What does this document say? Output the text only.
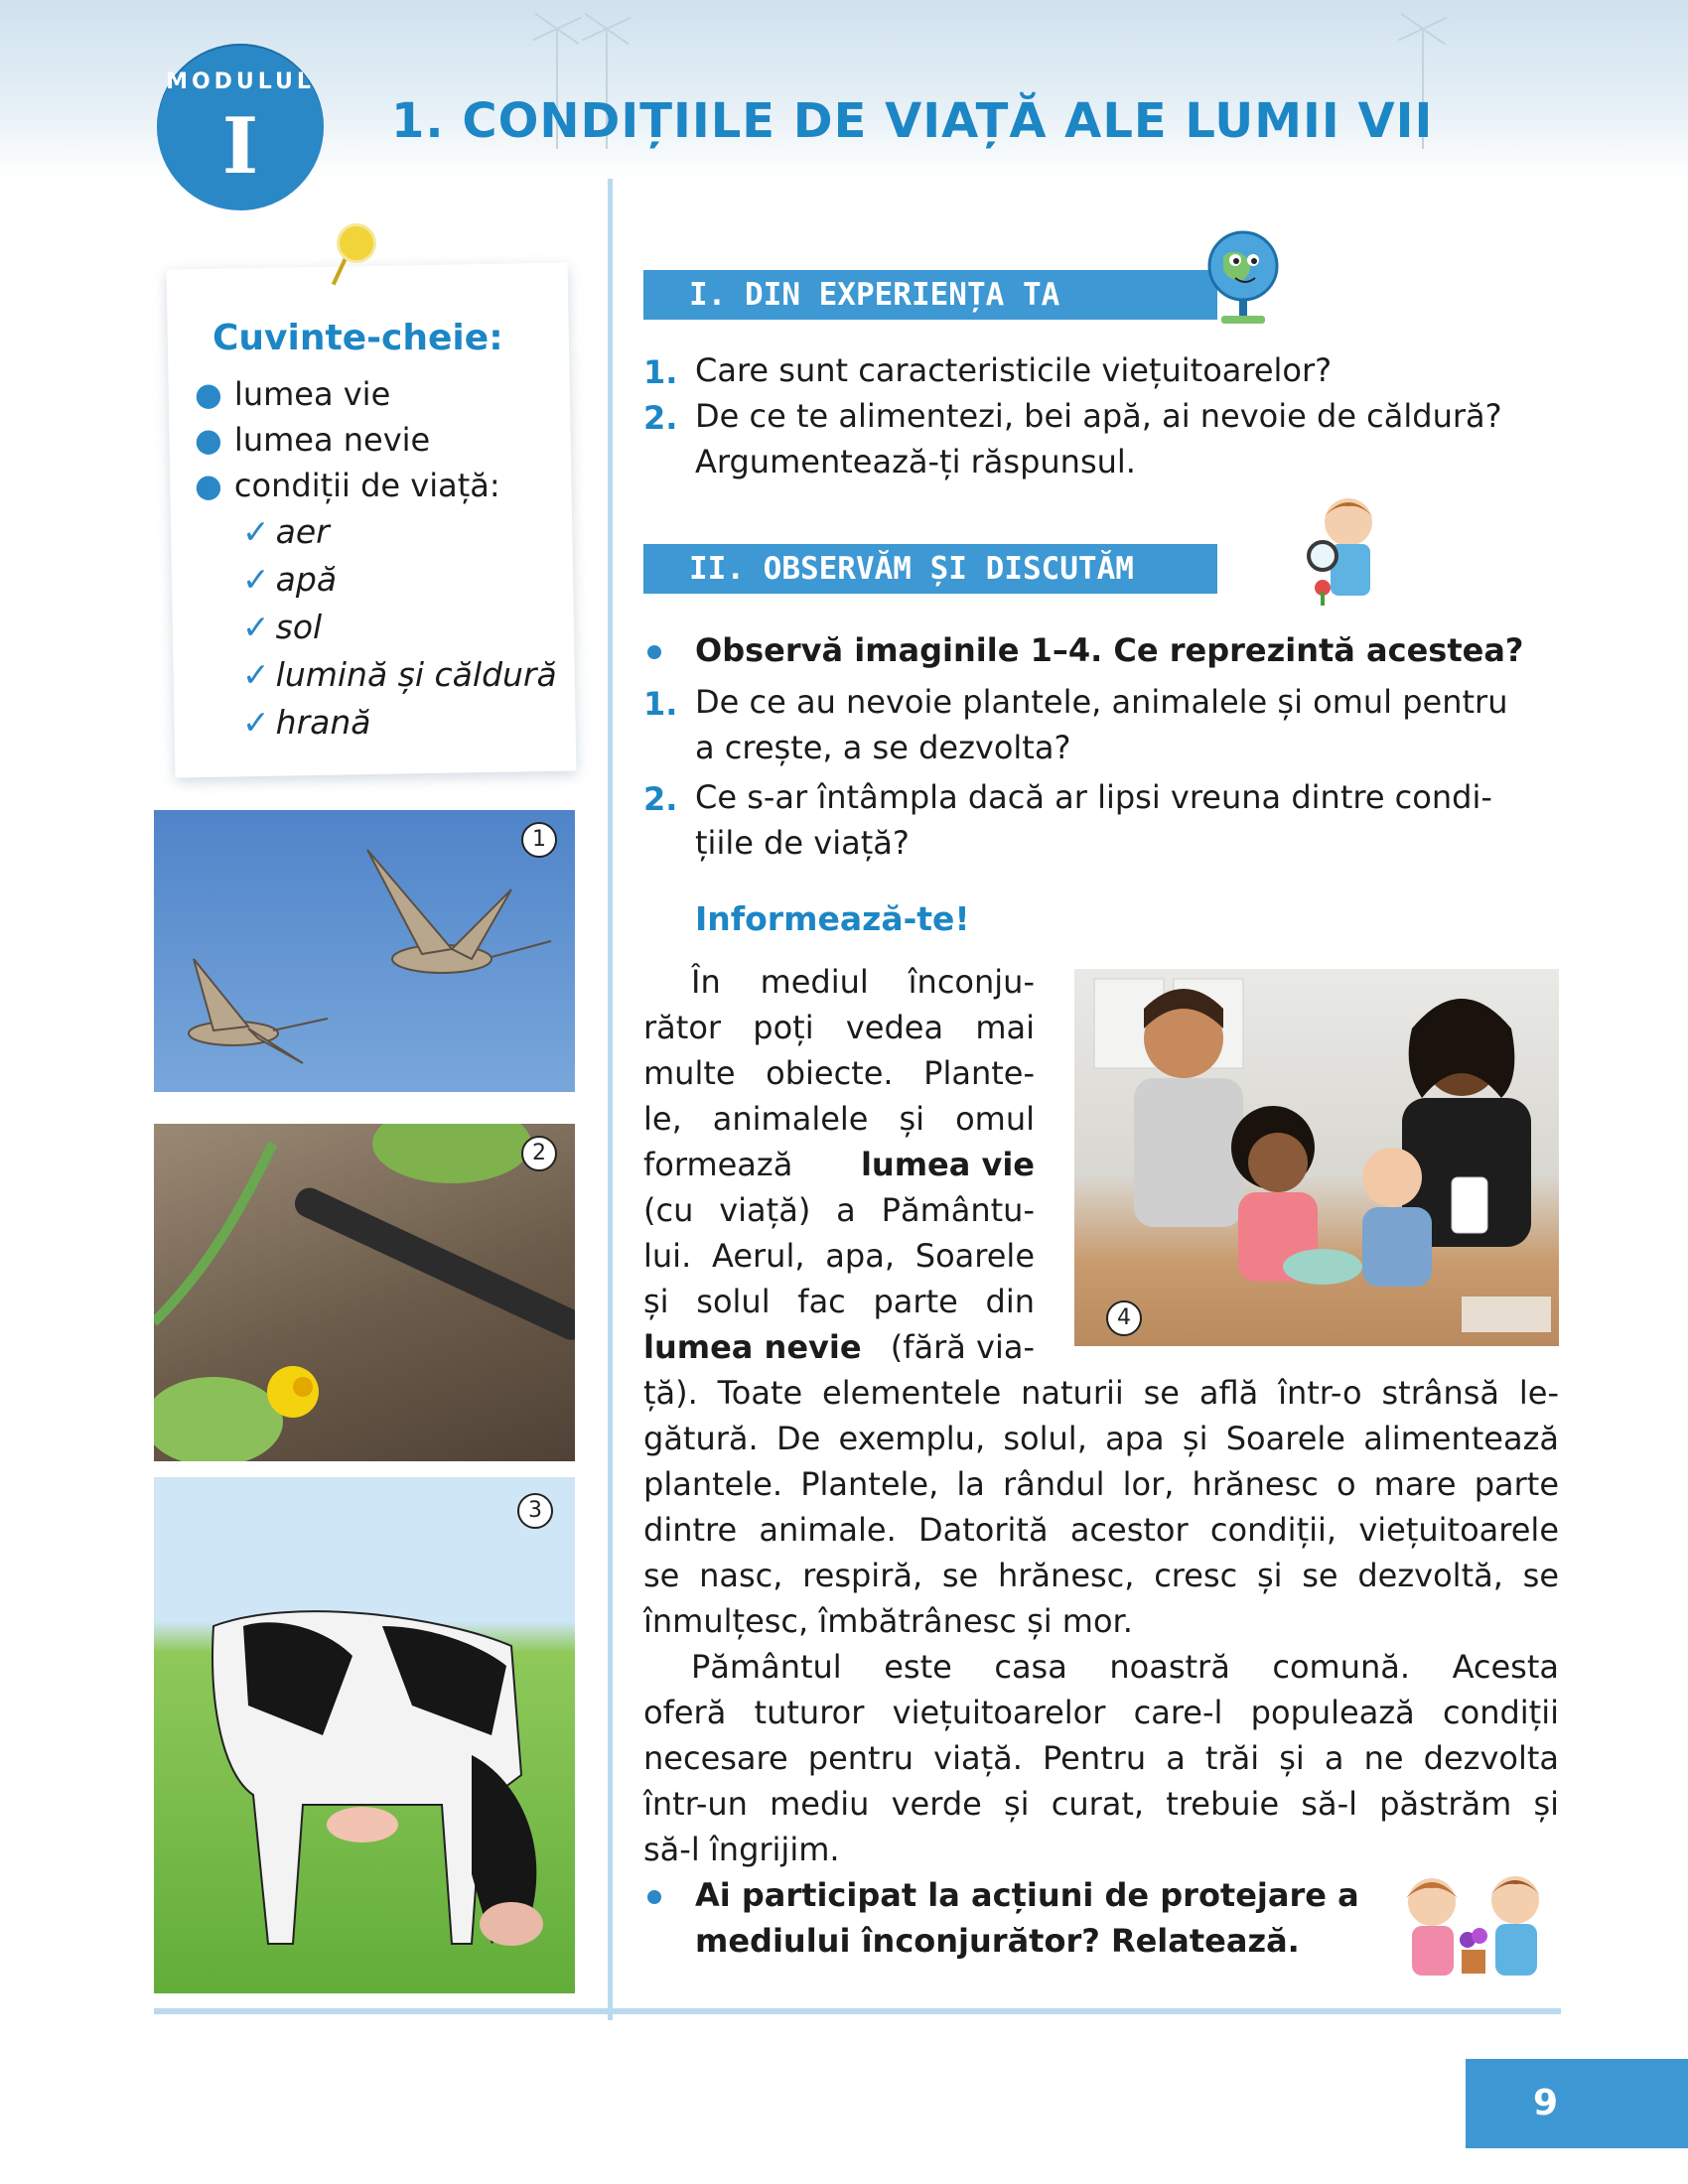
MODULUL
I	1. CONDIȚIILE DE VIAȚĂ ALE LUMII VII
Cuvinte-cheie:
● lumea vie
● lumea nevie
● condiții de viață:
✓ aer
✓ apă
✓ sol
✓ lumină și căldură
✓ hrană
1
2
3
I. DIN EXPERIENȚA TA
1. Care sunt caracteristicile viețuitoarelor?
2. De ce te alimentezi, bei apă, ai nevoie de căldură?
Argumentează-ți răspunsul.
II. OBSERVĂM ȘI DISCUTĂM
Observă imaginile 1–4. Ce reprezintă acestea?
1. De ce au nevoie plantele, animalele și omul pentru
a crește, a se dezvolta?
2. Ce s-ar întâmpla dacă ar lipsi vreuna dintre condi-
țiile de viață?
Informează-te!
4
În mediul înconju-
rător poți vedea mai
multe obiecte. Plante-
le, animalele și omul
formează lumea vie
(cu viață) a Pământu-
lui. Aerul, apa, Soarele
și solul fac parte din
lumea nevie (fără via-
ță). Toate elementele naturii se află într-o strânsă le-
gătură. De exemplu, solul, apa și Soarele alimentează
plantele. Plantele, la rândul lor, hrănesc o mare parte
dintre animale. Datorită acestor condiții, viețuitoarele
se nasc, respiră, se hrănesc, cresc și se dezvoltă, se
înmulțesc, îmbătrânesc și mor.
Pământul este casa noastră comună. Acesta
oferă tuturor viețuitoarelor care-l populează condiții
necesare pentru viață. Pentru a trăi și a ne dezvolta
într-un mediu verde și curat, trebuie să-l păstrăm și
să-l îngrijim.
Ai participat la acțiuni de protejare a
mediului înconjurător? Relatează.
9
